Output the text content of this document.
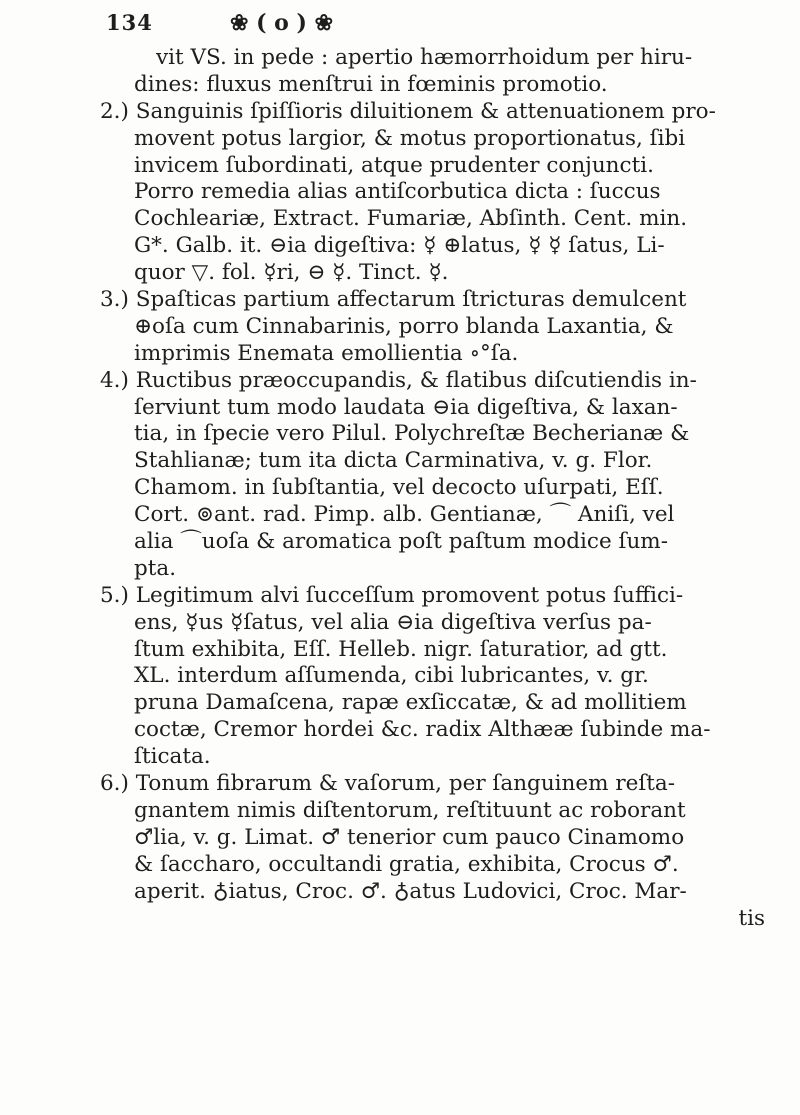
134	❀ ( o ) ❀
vit VS. in pede : apertio hæmorrhoidum per hiru-
dines: fluxus menſtrui in fœminis promotio.
2.) Sanguinis ſpiſſioris diluitionem & attenuationem pro-
movent potus largior, & motus proportionatus, ſibi
invicem ſubordinati, atque prudenter conjunсti.
Porro remedia alias antiſcorbutica diсta : ſuccus
Cochleariæ, Extraсt. Fumariæ, Abſinth. Cent. min.
G*. Galb. it. ⊖ia digeſtiva: ☿ ⊕latus, ☿ ☿ ſatus, Li-
quor ▽. fol. ☿ri, ⊖ ☿. Tinсt. ☿.
3.) Spaſticas partium affeсtarum ſtriсturas demulcent
⊕oſa cum Cinnabarinis, porro blanda Laxantia, &
imprimis Enemata emollientia ∘°ſa.
4.) Ruсtibus præoccupandis, & flatibus diſcutiendis in-
ſerviunt tum modo laudata ⊖ia digeſtiva, & laxan-
tia, in ſpecie vero Pilul. Polychreſtæ Becherianæ &
Stahlianæ; tum ita diсta Carminativa, v. g. Flor.
Chamom. in ſubſtantia, vel decoсto uſurpati, Eſſ.
Cort. ⊚ant. rad. Pimp. alb. Gentianæ, ⌒ Aniſi, vel
alia ⌒uoſa & aromatica poſt paſtum modice ſum-
pta.
5.) Legitimum alvi ſucceſſum promovent potus ſuffici-
ens, ☿us ☿ſatus, vel alia ⊖ia digeſtiva verſus pa-
ſtum exhibita, Eſſ. Helleb. nigr. ſaturatior, ad gtt.
XL. interdum aſſumenda, cibi lubricantes, v. gr.
pruna Damaſcena, rapæ exſiccatæ, & ad mollitiem
coсtæ, Cremor hordei &c. radix Althææ ſubinde ma-
ſticata.
6.) Tonum fibrarum & vaſorum, per ſanguinem reſta-
gnantem nimis diſtentorum, reſtituunt ac roborant
♂lia, v. g. Limat. ♂ tenerior cum pauco Cinamomo
& ſaccharo, occultandi gratia, exhibita, Crocus ♂.
aperit. ♁iatus, Croc. ♂. ♁atus Ludovici, Croc. Mar-
tis
